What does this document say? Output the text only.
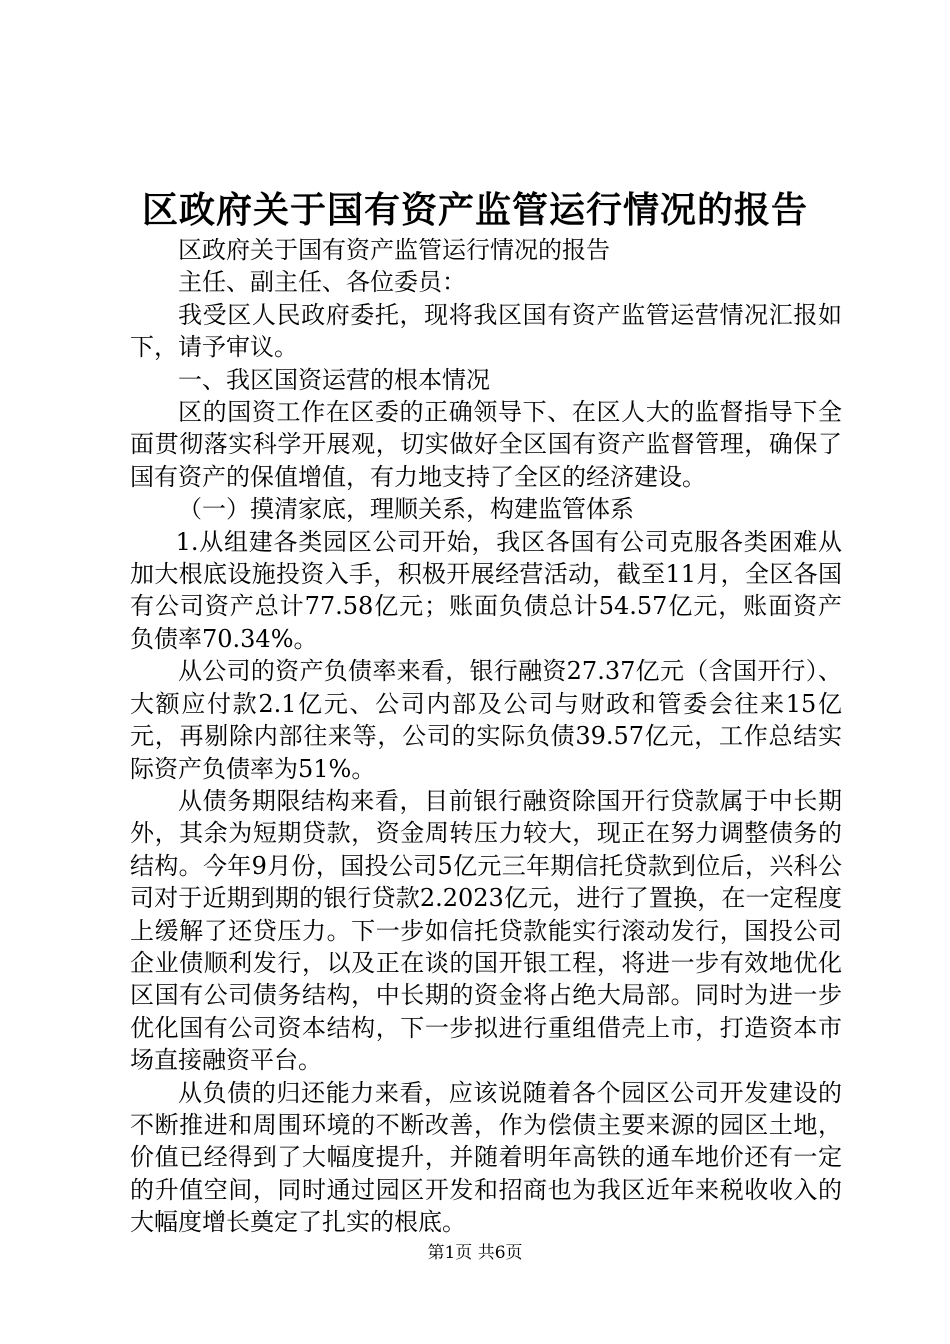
区政府关于国有资产监管运行情况的报告

区政府关于国有资产监管运行情况的报告

主任、副主任、各位委员：

我受区人民政府委托，现将我区国有资产监管运营情况汇报如下，请予审议。

一、我区国资运营的根本情况

区的国资工作在区委的正确领导下、在区人大的监督指导下全面贯彻落实科学开展观，切实做好全区国有资产监督管理，确保了国有资产的保值增值，有力地支持了全区的经济建设。

（一）摸清家底，理顺关系，构建监管体系

1.从组建各类园区公司开始，我区各国有公司克服各类困难从加大根底设施投资入手，积极开展经营活动，截至11月，全区各国有公司资产总计77.58亿元；账面负债总计54.57亿元，账面资产负债率70.34%。

从公司的资产负债率来看，银行融资27.37亿元（含国开行）、大额应付款2.1亿元、公司内部及公司与财政和管委会往来15亿元，再剔除内部往来等，公司的实际负债39.57亿元，工作总结实际资产负债率为51%。

从债务期限结构来看，目前银行融资除国开行贷款属于中长期外，其余为短期贷款，资金周转压力较大，现正在努力调整债务的结构。今年9月份，国投公司5亿元三年期信托贷款到位后，兴科公司对于近期到期的银行贷款2.2023亿元，进行了置换，在一定程度上缓解了还贷压力。下一步如信托贷款能实行滚动发行，国投公司企业债顺利发行，以及正在谈的国开银工程，将进一步有效地优化区国有公司债务结构，中长期的资金将占绝大局部。同时为进一步优化国有公司资本结构，下一步拟进行重组借壳上市，打造资本市场直接融资平台。

从负债的归还能力来看，应该说随着各个园区公司开发建设的不断推进和周围环境的不断改善，作为偿债主要来源的园区土地，价值已经得到了大幅度提升，并随着明年高铁的通车地价还有一定的升值空间，同时通过园区开发和招商也为我区近年来税收收入的大幅度增长奠定了扎实的根底。

第1页 共6页
